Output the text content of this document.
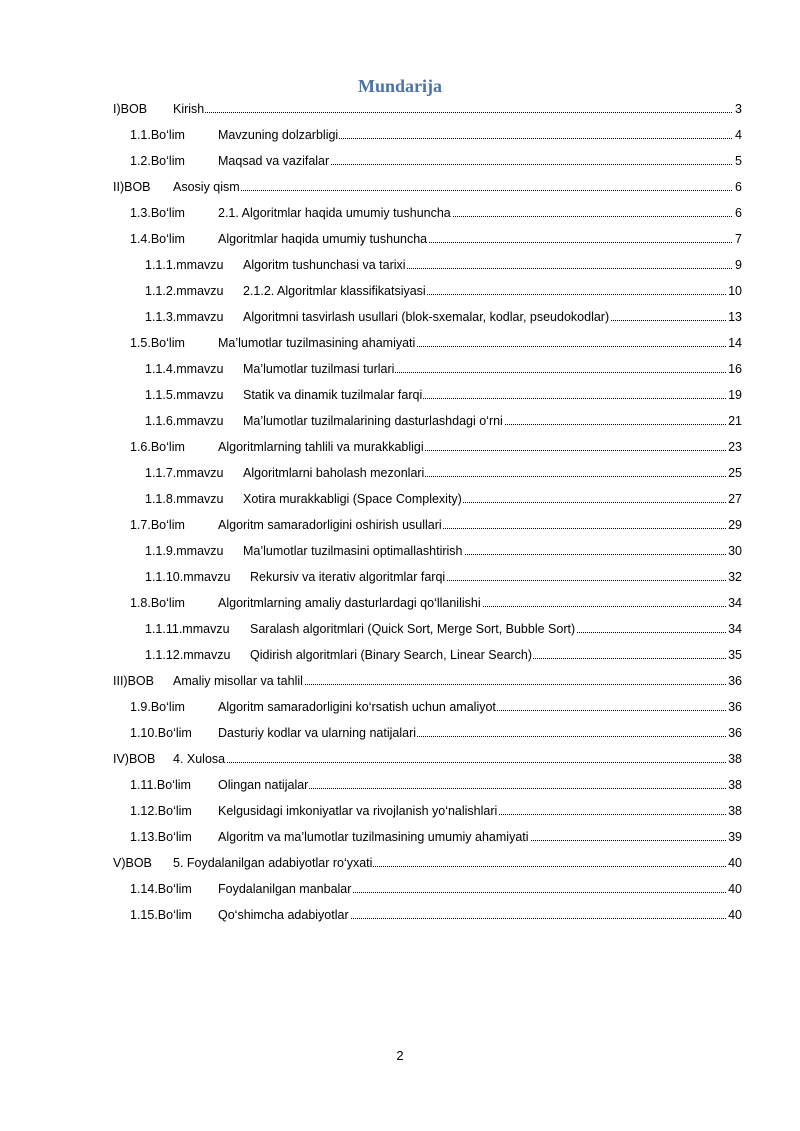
Mundarija
I)BOB Kirish	3
1.1.Bo‘lim	Mavzuning dolzarbligi	4
1.2.Bo‘lim	Maqsad va vazifalar	5
II)BOB Asosiy qism	6
1.3.Bo‘lim	2.1. Algoritmlar haqida umumiy tushuncha	6
1.4.Bo‘lim	Algoritmlar haqida umumiy tushuncha	7
1.1.1.mmavzu Algoritm tushunchasi va tarixi	9
1.1.2.mmavzu 2.1.2. Algoritmlar klassifikatsiyasi	10
1.1.3.mmavzu Algoritmni tasvirlash usullari (blok-sxemalar, kodlar, pseudokodlar)	13
1.5.Bo‘lim	Ma’lumotlar tuzilmasining ahamiyati	14
1.1.4.mmavzu Ma’lumotlar tuzilmasi turlari	16
1.1.5.mmavzu Statik va dinamik tuzilmalar farqi	19
1.1.6.mmavzu Ma’lumotlar tuzilmalarining dasturlashdagi o‘rni	21
1.6.Bo‘lim	Algoritmlarning tahlili va murakkabligi	23
1.1.7.mmavzu Algoritmlarni baholash mezonlari	25
1.1.8.mmavzu Xotira murakkabligi (Space Complexity)	27
1.7.Bo‘lim	Algoritm samaradorligini oshirish usullari	29
1.1.9.mmavzu Ma’lumotlar tuzilmasini optimallashtirish	30
1.1.10.mmavzu Rekursiv va iterativ algoritmlar farqi	32
1.8.Bo‘lim	Algoritmlarning amaliy dasturlardagi qo‘llanilishi	34
1.1.11.mmavzu Saralash algoritmlari (Quick Sort, Merge Sort, Bubble Sort)	34
1.1.12.mmavzu Qidirish algoritmlari (Binary Search, Linear Search)	35
III)BOB Amaliy misollar va tahlil	36
1.9.Bo‘lim	Algoritm samaradorligini ko‘rsatish uchun amaliyot	36
1.10.Bo‘lim Dasturiy kodlar va ularning natijalari	36
IV)BOB 4. Xulosa	38
1.11.Bo‘lim Olingan natijalar	38
1.12.Bo‘lim Kelgusidagi imkoniyatlar va rivojlanish yo‘nalishlari	38
1.13.Bo‘lim Algoritm va ma’lumotlar tuzilmasining umumiy ahamiyati	39
V)BOB 5. Foydalanilgan adabiyotlar ro‘yxati	40
1.14.Bo‘lim Foydalanilgan manbalar	40
1.15.Bo‘lim Qo‘shimcha adabiyotlar	40
2
